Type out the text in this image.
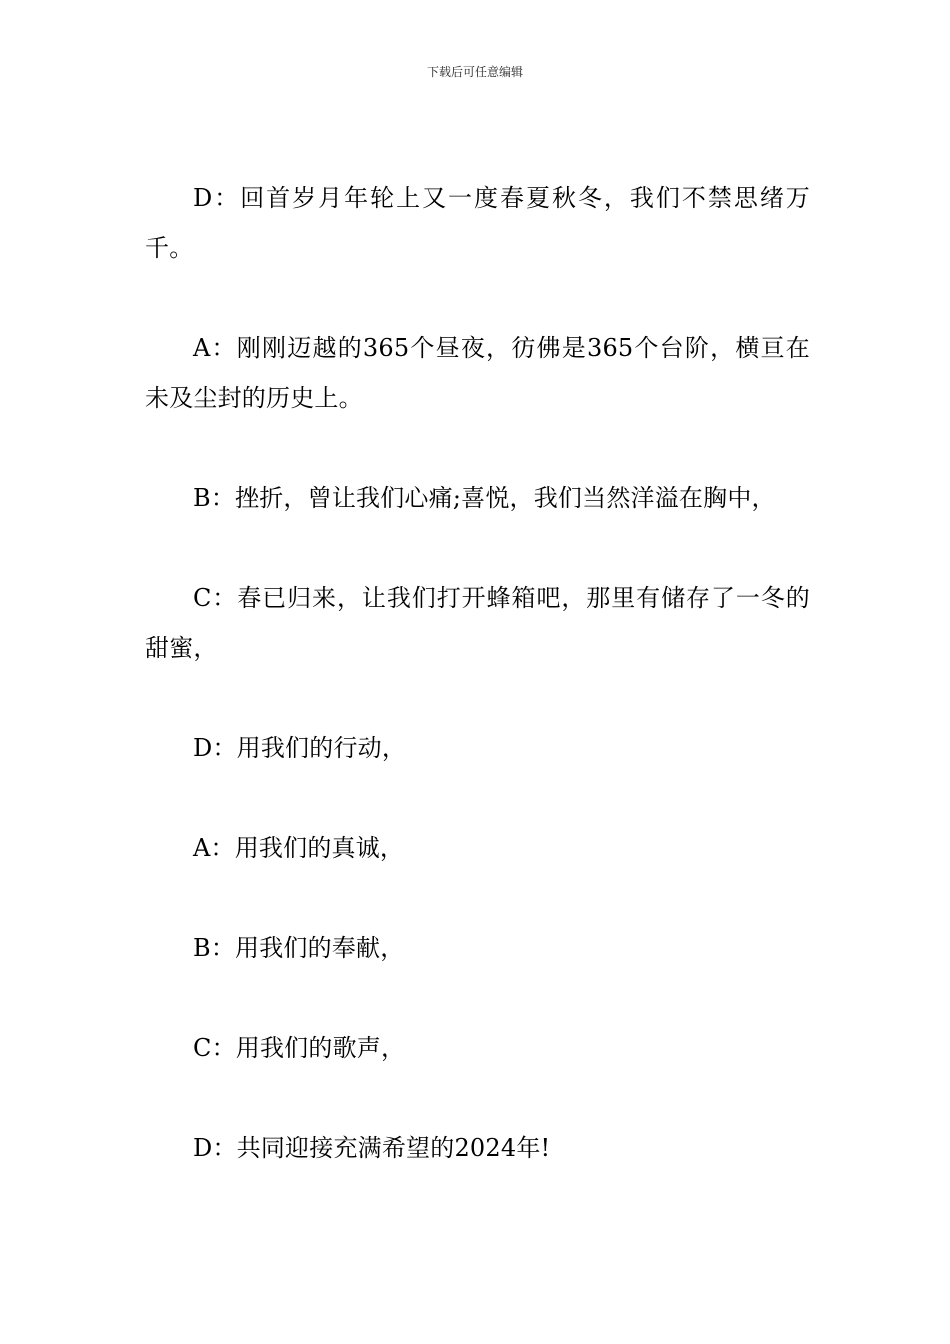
下载后可任意编辑

D：回首岁月年轮上又一度春夏秋冬，我们不禁思绪万千。

A：刚刚迈越的365个昼夜，彷佛是365个台阶，横亘在未及尘封的历史上。

B：挫折，曾让我们心痛;喜悦，我们当然洋溢在胸中，

C：春已归来，让我们打开蜂箱吧，那里有储存了一冬的甜蜜，

D：用我们的行动，

A：用我们的真诚，

B：用我们的奉献，

C：用我们的歌声，

D：共同迎接充满希望的2024年!
